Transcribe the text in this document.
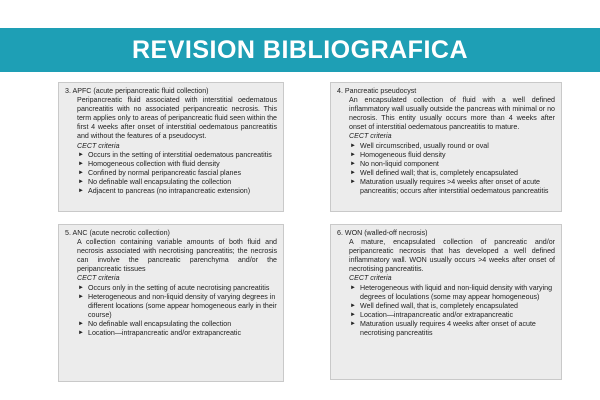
REVISION BIBLIOGRAFICA
3. APFC (acute peripancreatic fluid collection)
Peripancreatic fluid associated with interstitial oedematous pancreatitis with no associated peripancreatic necrosis. This term applies only to areas of peripancreatic fluid seen within the first 4 weeks after onset of interstitial oedematous pancreatitis and without the features of a pseudocyst.
CECT criteria
► Occurs in the setting of interstitial oedematous pancreatitis
► Homogeneous collection with fluid density
► Confined by normal peripancreatic fascial planes
► No definable wall encapsulating the collection
► Adjacent to pancreas (no intrapancreatic extension)
5. ANC (acute necrotic collection)
A collection containing variable amounts of both fluid and necrosis associated with necrotising pancreatitis; the necrosis can involve the pancreatic parenchyma and/or the peripancreatic tissues
CECT criteria
► Occurs only in the setting of acute necrotising pancreatitis
► Heterogeneous and non-liquid density of varying degrees in different locations (some appear homogeneous early in their course)
► No definable wall encapsulating the collection
► Location—intrapancreatic and/or extrapancreatic
4. Pancreatic pseudocyst
An encapsulated collection of fluid with a well defined inflammatory wall usually outside the pancreas with minimal or no necrosis. This entity usually occurs more than 4 weeks after onset of interstitial oedematous pancreatitis to mature.
CECT criteria
► Well circumscribed, usually round or oval
► Homogeneous fluid density
► No non-liquid component
► Well defined wall; that is, completely encapsulated
► Maturation usually requires >4 weeks after onset of acute pancreatitis; occurs after interstitial oedematous pancreatitis
6. WON (walled-off necrosis)
A mature, encapsulated collection of pancreatic and/or peripancreatic necrosis that has developed a well defined inflammatory wall. WON usually occurs >4 weeks after onset of necrotising pancreatitis.
CECT criteria
► Heterogeneous with liquid and non-liquid density with varying degrees of loculations (some may appear homogeneous)
► Well defined wall, that is, completely encapsulated
► Location—intrapancreatic and/or extrapancreatic
► Maturation usually requires 4 weeks after onset of acute necrotising pancreatitis
